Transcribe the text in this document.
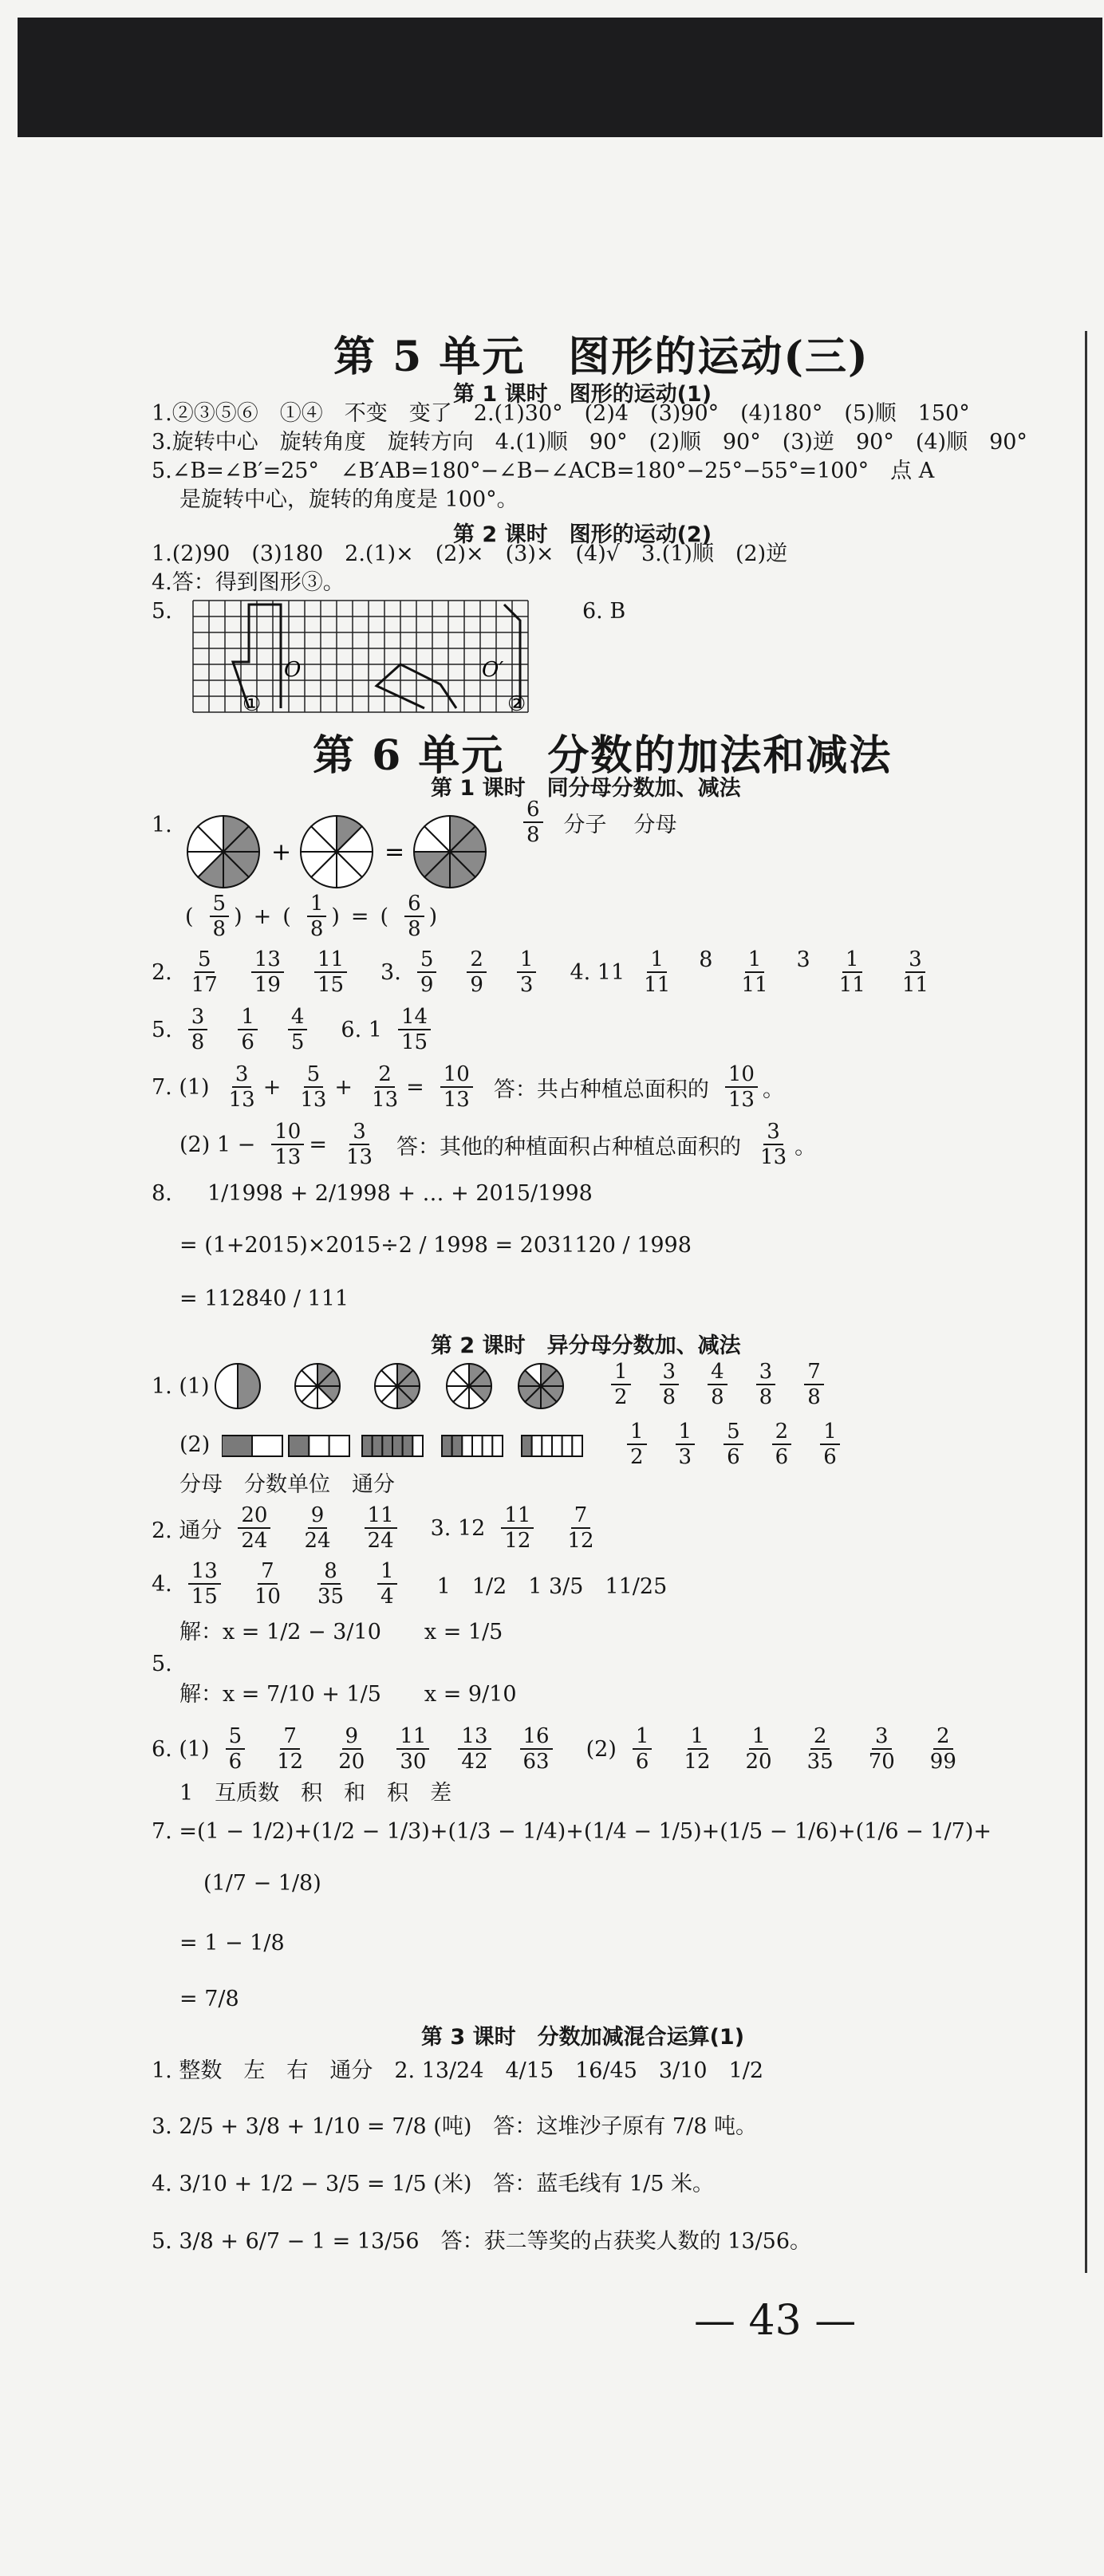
第 5 单元　图形的运动(三)
第 1 课时　图形的运动(1)
1.②③⑤⑥　①④　不变　变了　2.(1)30°　(2)4　(3)90°　(4)180°　(5)顺　150°
3.旋转中心　旋转角度　旋转方向　4.(1)顺　90°　(2)顺　90°　(3)逆　90°　(4)顺　90°
5.∠B=∠B′=25°　∠B′AB=180°−∠B−∠ACB=180°−25°−55°=100°　点 A
是旋转中心，旋转的角度是 100°。
第 2 课时　图形的运动(2)
1.(2)90　(3)180　2.(1)×　(2)×　(3)×　(4)√　3.(1)顺　(2)逆
4.答：得到图形③。
5.	6. B
O	O′
①	②
第 6 单元　分数的加法和减法
第 1 课时　同分母分数加、减法
1.
+	=
$\frac{6}{8}$ 分子 分母
( $\frac{5}{8}$ ) + ( $\frac{1}{8}$ ) = ( $\frac{6}{8}$ )
2. $\frac{5}{17} \frac{13}{19} \frac{11}{15} 3$. $\frac{5}{9} \frac{2}{9} \frac{1}{3} 4$. $11 \frac{1}{11} 8 \frac{1}{11} 3 \frac{1}{11} \frac{3}{11}$
5. $\frac{3}{8} \frac{1}{6} \frac{4}{5} 6$. $1 \frac{14}{15}$
7. $(1) \frac{3}{13} + \frac{5}{13} + \frac{2}{13} = \frac{10}{13}$ 答：共占种植总面积的 $\frac{10}{13}$ 。
(2) $1 - \frac{10}{13} = \frac{3}{13}$ 答：其他的种植面积占种植总面积的 $\frac{3}{13}$ 。
8. 1/1998 + 2/1998 + … + 2015/1998
= (1+2015)×2015÷2 / 1998 = 2031120 / 1998
= 112840 / 111
第 2 课时　异分母分数加、减法
1. (1)	$\frac{1}{2} \frac{3}{8} \frac{4}{8} \frac{3}{8} \frac{7}{8}$
(2)	$\frac{1}{2} \frac{1}{3} \frac{5}{6} \frac{2}{6} \frac{1}{6}$
分母　分数单位　通分
2. 通分 $\frac{20}{24} \frac{9}{24} \frac{11}{24} 3$. $12 \frac{11}{12} \frac{7}{12}$
4. $\frac{13}{15} \frac{7}{10} \frac{8}{35} \frac{1}{4} 1$　1/2　1 3/5　11/25
5.
解：x = 1/2 − 3/10　　x = 1/5
解：x = 7/10 + 1/5　　x = 9/10
6. $(1) \frac{5}{6} \frac{7}{12} \frac{9}{20} \frac{11}{30} \frac{13}{42} \frac{16}{63} (2) \frac{1}{6} \frac{1}{12} \frac{1}{20} \frac{2}{35} \frac{3}{70} \frac{2}{99}$
1　互质数　积　和　积　差
7. =(1 − 1/2)+(1/2 − 1/3)+(1/3 − 1/4)+(1/4 − 1/5)+(1/5 − 1/6)+(1/6 − 1/7)+
(1/7 − 1/8)
= 1 − 1/8
= 7/8
第 3 课时　分数加减混合运算(1)
1. 整数　左　右　通分　2. 13/24　4/15　16/45　3/10　1/2
3. 2/5 + 3/8 + 1/10 = 7/8 (吨)　答：这堆沙子原有 7/8 吨。
4. 3/10 + 1/2 − 3/5 = 1/5 (米)　答：蓝毛线有 1/5 米。
5. 3/8 + 6/7 − 1 = 13/56　答：获二等奖的占获奖人数的 13/56。
— 43 —
